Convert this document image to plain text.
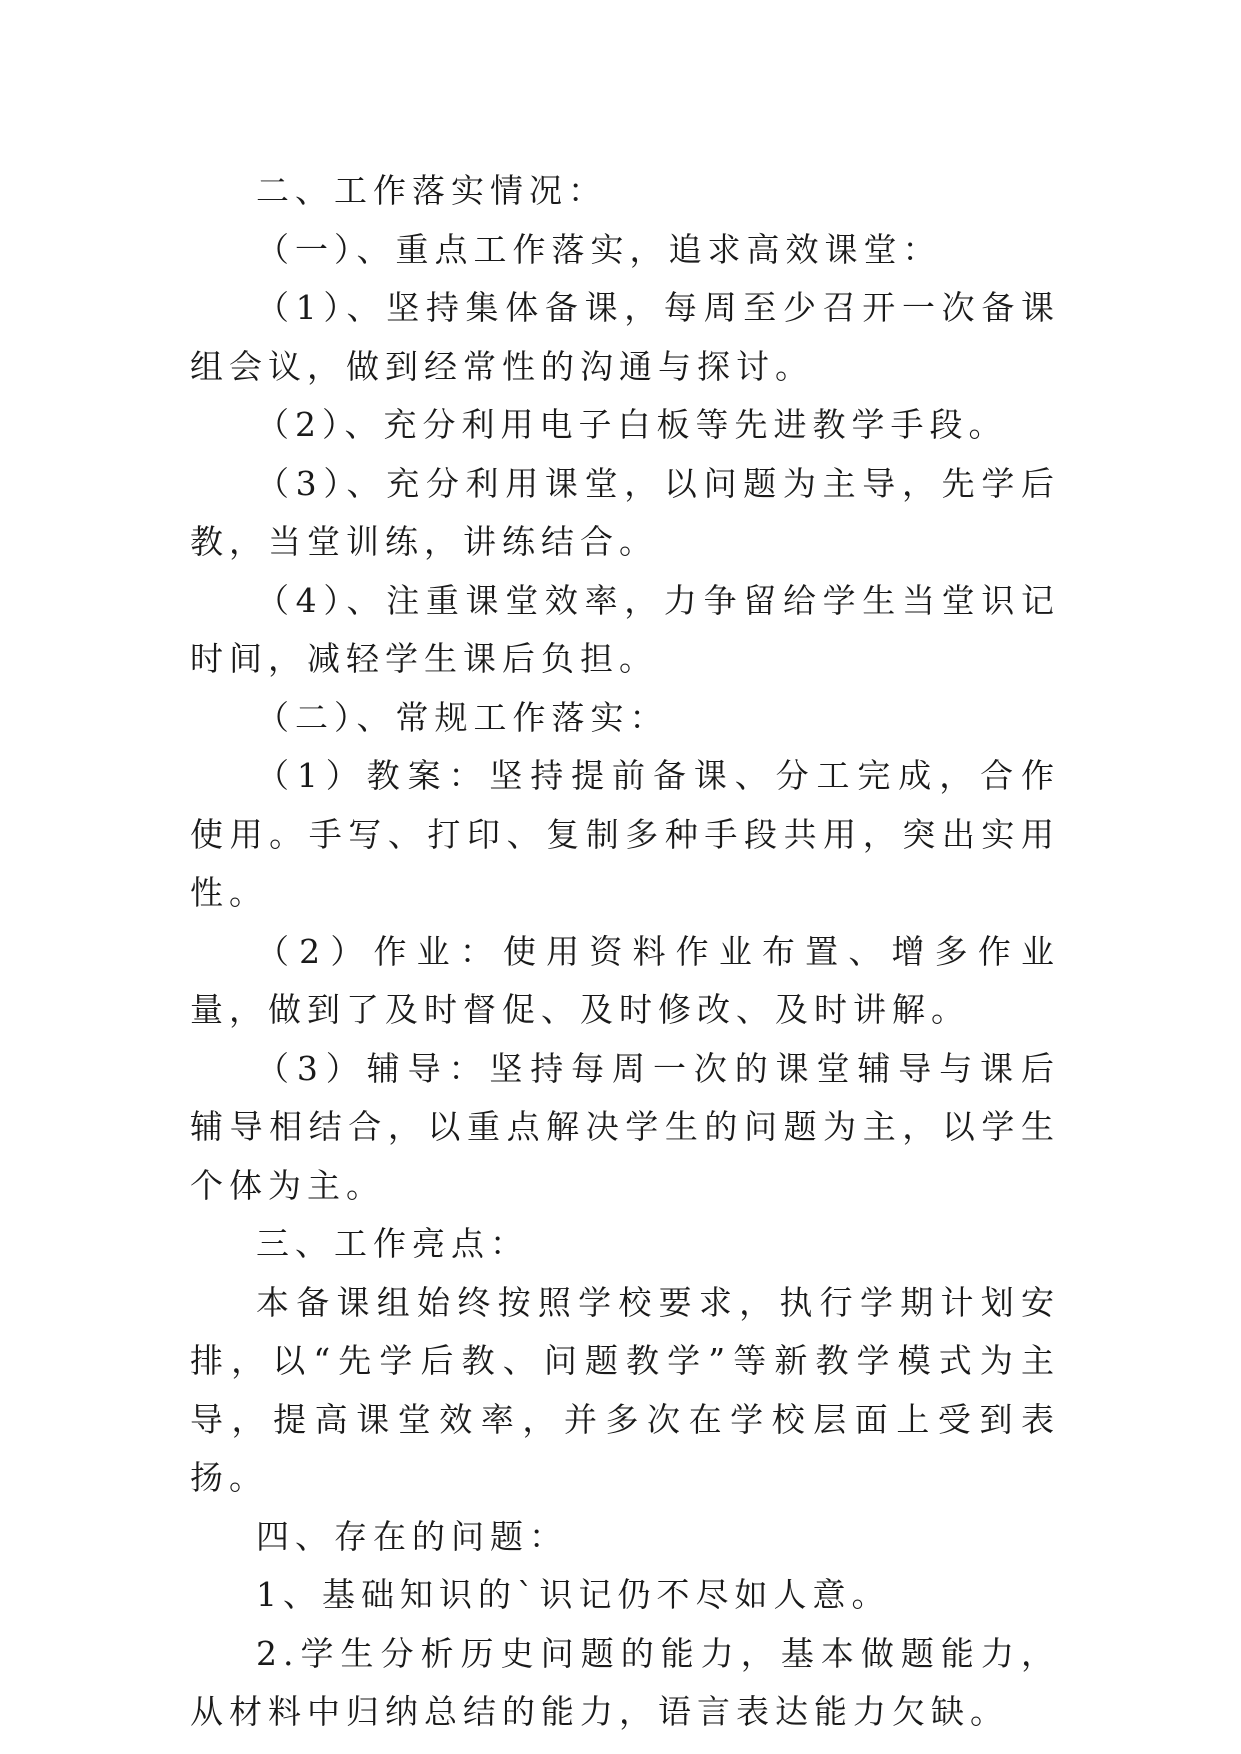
二、工作落实情况：

（一）、重点工作落实，追求高效课堂：

（1）、坚持集体备课，每周至少召开一次备课组会议，做到经常性的沟通与探讨。

（2）、充分利用电子白板等先进教学手段。

（3）、充分利用课堂，以问题为主导，先学后教，当堂训练，讲练结合。

（4）、注重课堂效率，力争留给学生当堂识记时间，减轻学生课后负担。

（二）、常规工作落实：

（1）教案：坚持提前备课、分工完成，合作使用。手写、打印、复制多种手段共用，突出实用性。

（2）作业：使用资料作业布置、增多作业量，做到了及时督促、及时修改、及时讲解。

（3）辅导：坚持每周一次的课堂辅导与课后辅导相结合，以重点解决学生的问题为主，以学生个体为主。

三、工作亮点：

本备课组始终按照学校要求，执行学期计划安排，以“先学后教、问题教学”等新教学模式为主导，提高课堂效率，并多次在学校层面上受到表扬。

四、存在的问题：

1、基础知识的`识记仍不尽如人意。

2.学生分析历史问题的能力，基本做题能力，从材料中归纳总结的能力，语言表达能力欠缺。
